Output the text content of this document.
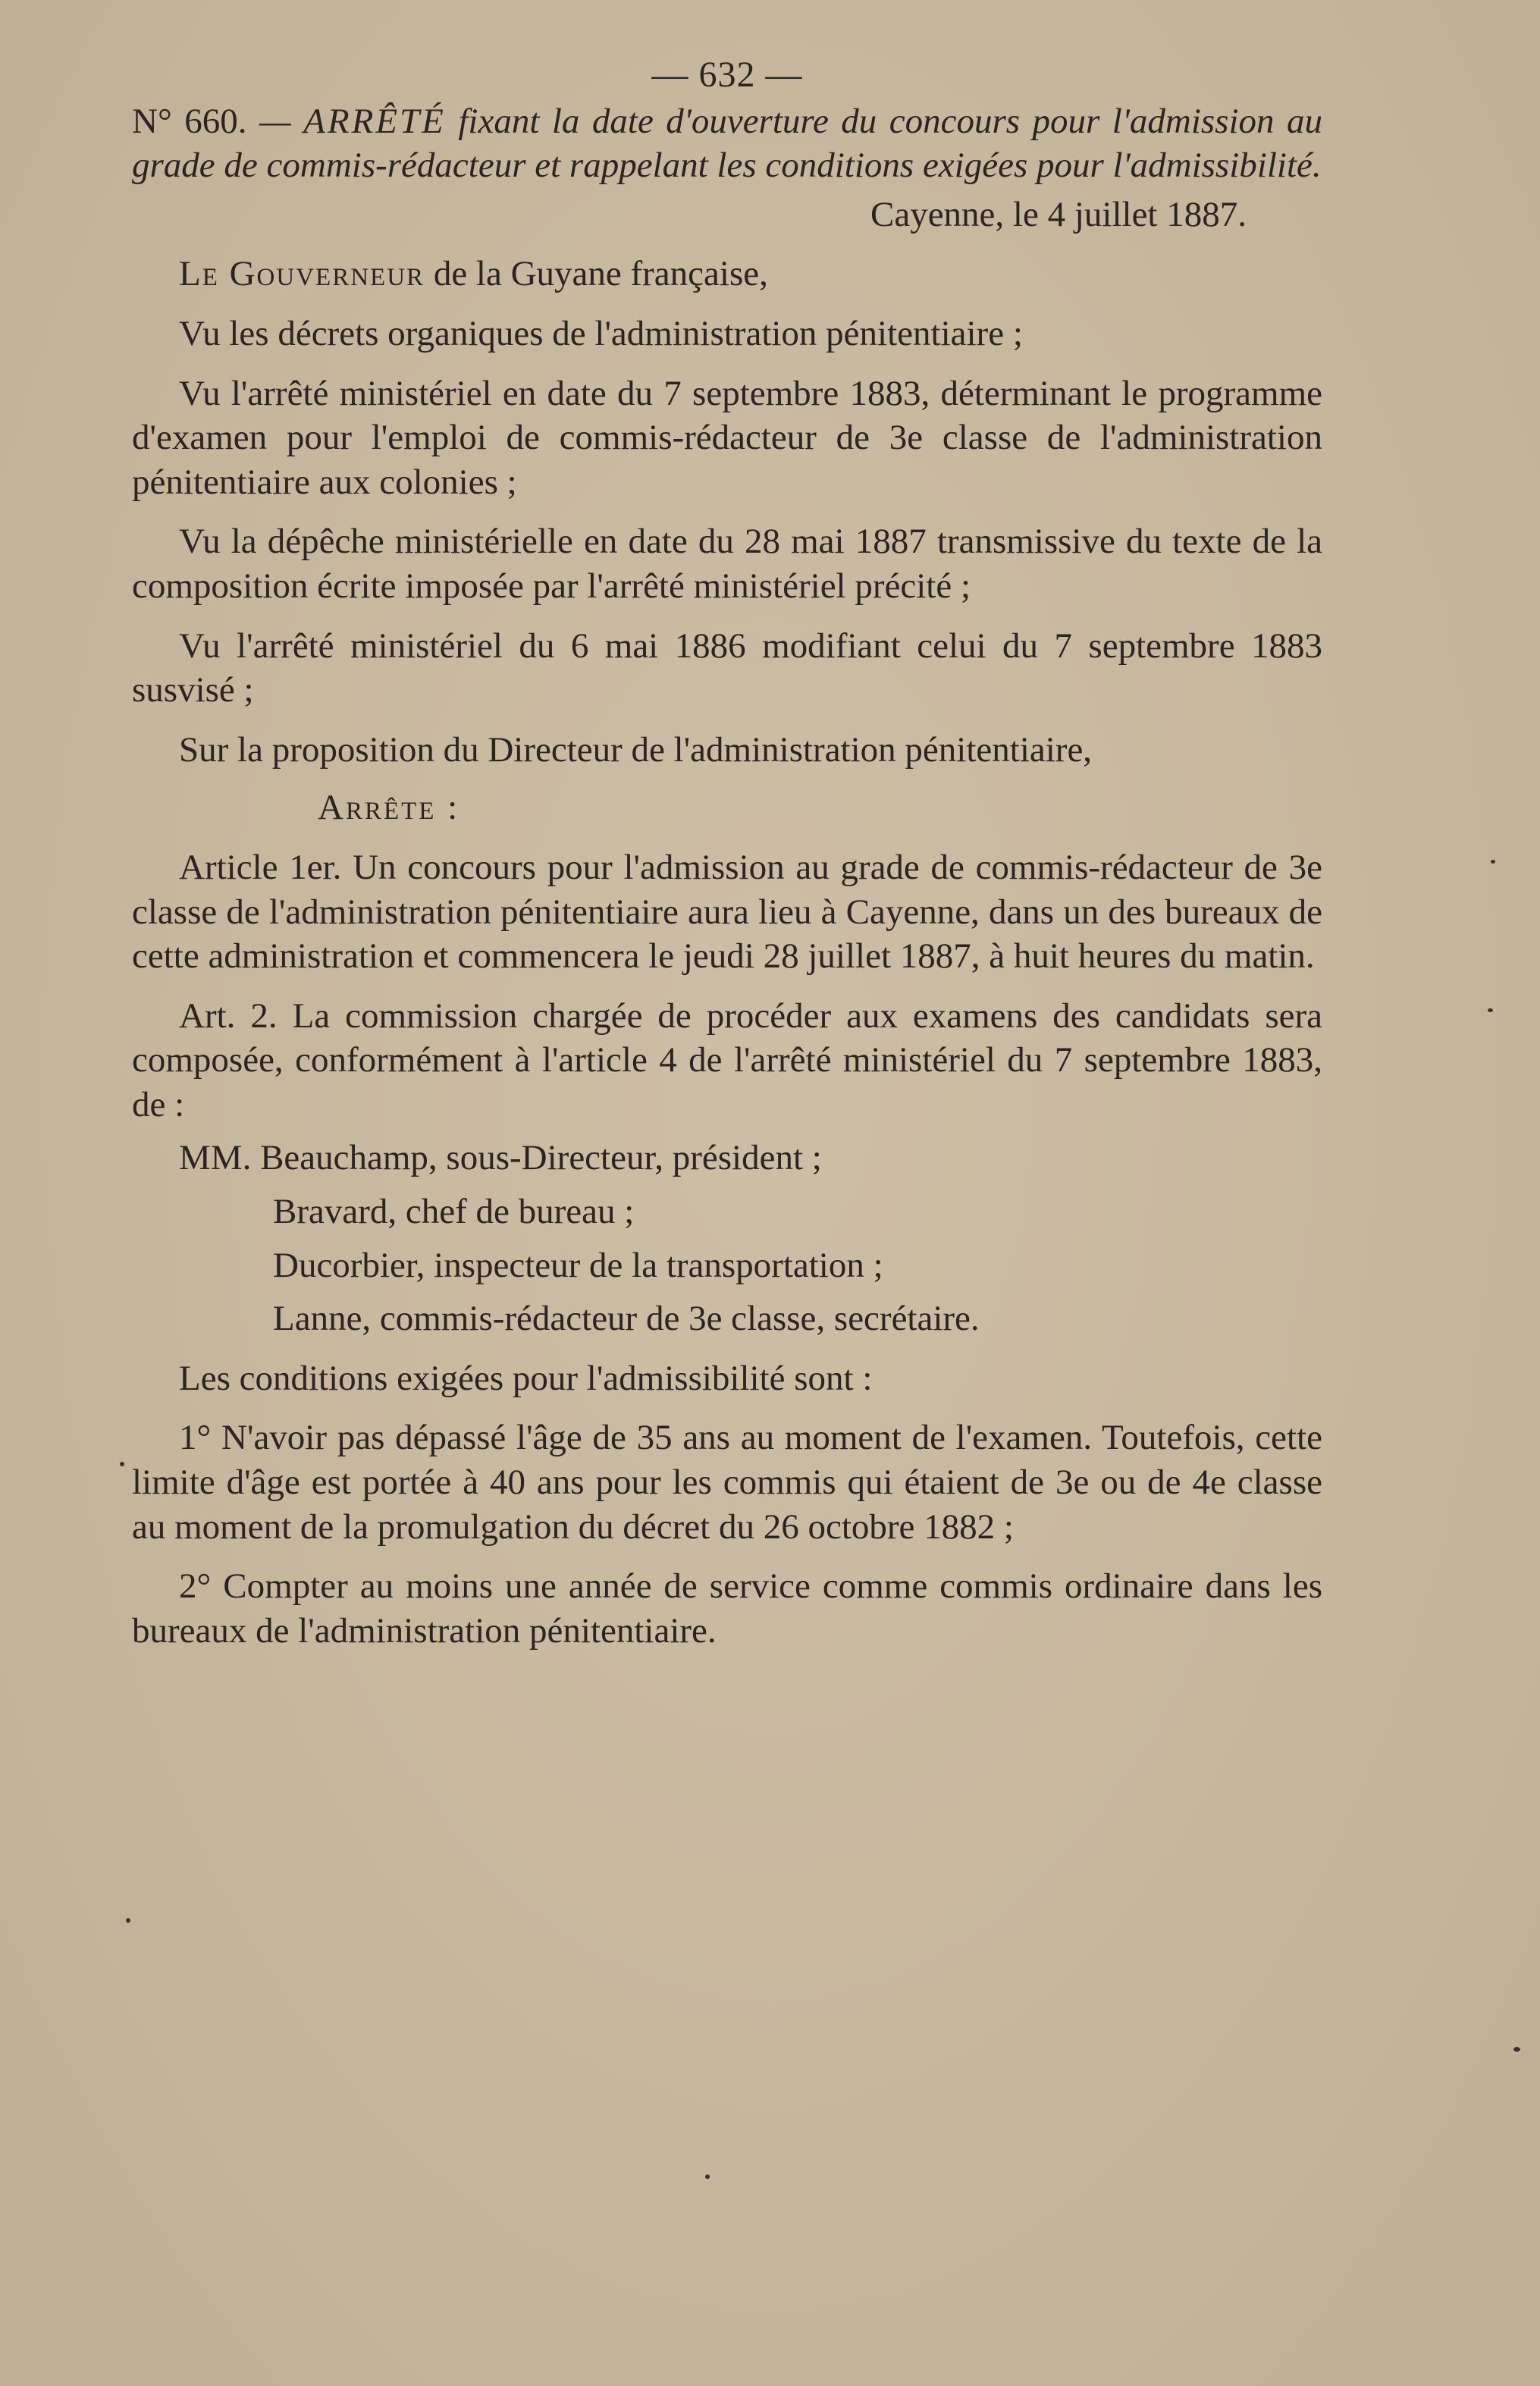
— 632 —

N° 660. — ARRÊTÉ fixant la date d'ouverture du concours pour l'admission au grade de commis-rédacteur et rappelant les conditions exigées pour l'admissibilité.

Cayenne, le 4 juillet 1887.

Le Gouverneur de la Guyane française,

Vu les décrets organiques de l'administration pénitentiaire ;

Vu l'arrêté ministériel en date du 7 septembre 1883, déterminant le programme d'examen pour l'emploi de commis-rédacteur de 3e classe de l'administration pénitentiaire aux colonies ;

Vu la dépêche ministérielle en date du 28 mai 1887 transmissive du texte de la composition écrite imposée par l'arrêté ministériel précité ;

Vu l'arrêté ministériel du 6 mai 1886 modifiant celui du 7 septembre 1883 susvisé ;

Sur la proposition du Directeur de l'administration pénitentiaire,

Arrête :

Article 1er. Un concours pour l'admission au grade de commis-rédacteur de 3e classe de l'administration pénitentiaire aura lieu à Cayenne, dans un des bureaux de cette administration et commencera le jeudi 28 juillet 1887, à huit heures du matin.

Art. 2. La commission chargée de procéder aux examens des candidats sera composée, conformément à l'article 4 de l'arrêté ministériel du 7 septembre 1883, de :

MM. Beauchamp, sous-Directeur, président ;

Bravard, chef de bureau ;

Ducorbier, inspecteur de la transportation ;

Lanne, commis-rédacteur de 3e classe, secrétaire.

Les conditions exigées pour l'admissibilité sont :

1° N'avoir pas dépassé l'âge de 35 ans au moment de l'examen. Toutefois, cette limite d'âge est portée à 40 ans pour les commis qui étaient de 3e ou de 4e classe au moment de la promulgation du décret du 26 octobre 1882 ;

2° Compter au moins une année de service comme commis ordinaire dans les bureaux de l'administration pénitentiaire.
